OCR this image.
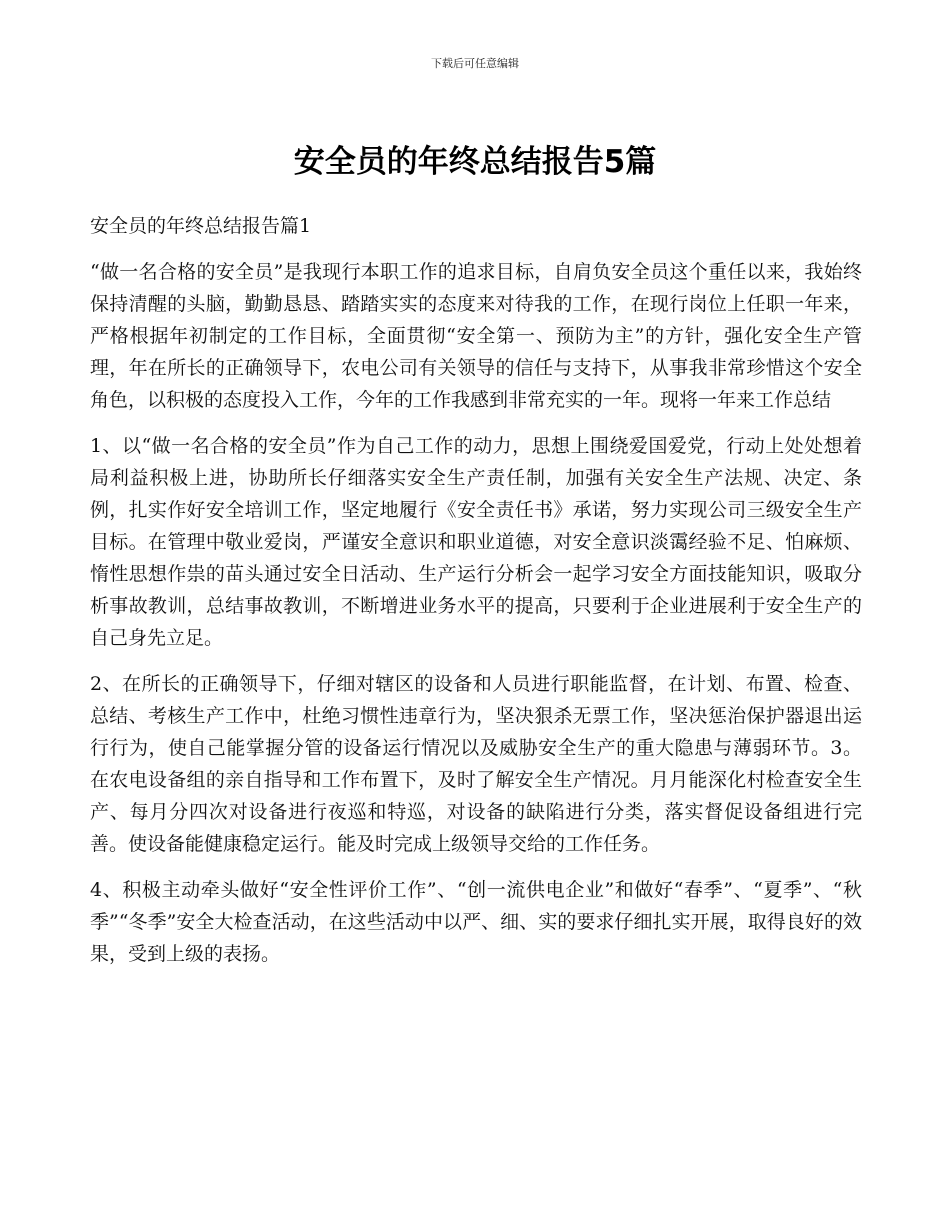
下载后可任意编辑
安全员的年终总结报告5篇

安全员的年终总结报告篇1

“做一名合格的安全员”是我现行本职工作的追求目标，自肩负安全员这个重任以来，我始终保持清醒的头脑，勤勤恳恳、踏踏实实的态度来对待我的工作，在现行岗位上任职一年来，严格根据年初制定的工作目标，全面贯彻“安全第一、预防为主”的方针，强化安全生产管理，年在所长的正确领导下，农电公司有关领导的信任与支持下，从事我非常珍惜这个安全角色，以积极的态度投入工作，今年的工作我感到非常充实的一年。现将一年来工作总结

1、以“做一名合格的安全员”作为自己工作的动力，思想上围绕爱国爱党，行动上处处想着局利益积极上进，协助所长仔细落实安全生产责任制，加强有关安全生产法规、决定、条例，扎实作好安全培训工作，坚定地履行《安全责任书》承诺，努力实现公司三级安全生产目标。在管理中敬业爱岗，严谨安全意识和职业道德，对安全意识淡霭经验不足、怕麻烦、惰性思想作祟的苗头通过安全日活动、生产运行分析会一起学习安全方面技能知识，吸取分析事故教训，总结事故教训，不断增进业务水平的提高，只要利于企业进展利于安全生产的自己身先立足。

2、在所长的正确领导下，仔细对辖区的设备和人员进行职能监督，在计划、布置、检查、总结、考核生产工作中，杜绝习惯性违章行为，坚决狠杀无票工作，坚决惩治保护器退出运行行为，使自己能掌握分管的设备运行情况以及威胁安全生产的重大隐患与薄弱环节。3。在农电设备组的亲自指导和工作布置下，及时了解安全生产情况。月月能深化村检查安全生产、每月分四次对设备进行夜巡和特巡，对设备的缺陷进行分类，落实督促设备组进行完善。使设备能健康稳定运行。能及时完成上级领导交给的工作任务。

4、积极主动牵头做好“安全性评价工作”、“创一流供电企业”和做好“春季”、“夏季”、“秋季”“冬季”安全大检查活动，在这些活动中以严、细、实的要求仔细扎实开展，取得良好的效果，受到上级的表扬。
